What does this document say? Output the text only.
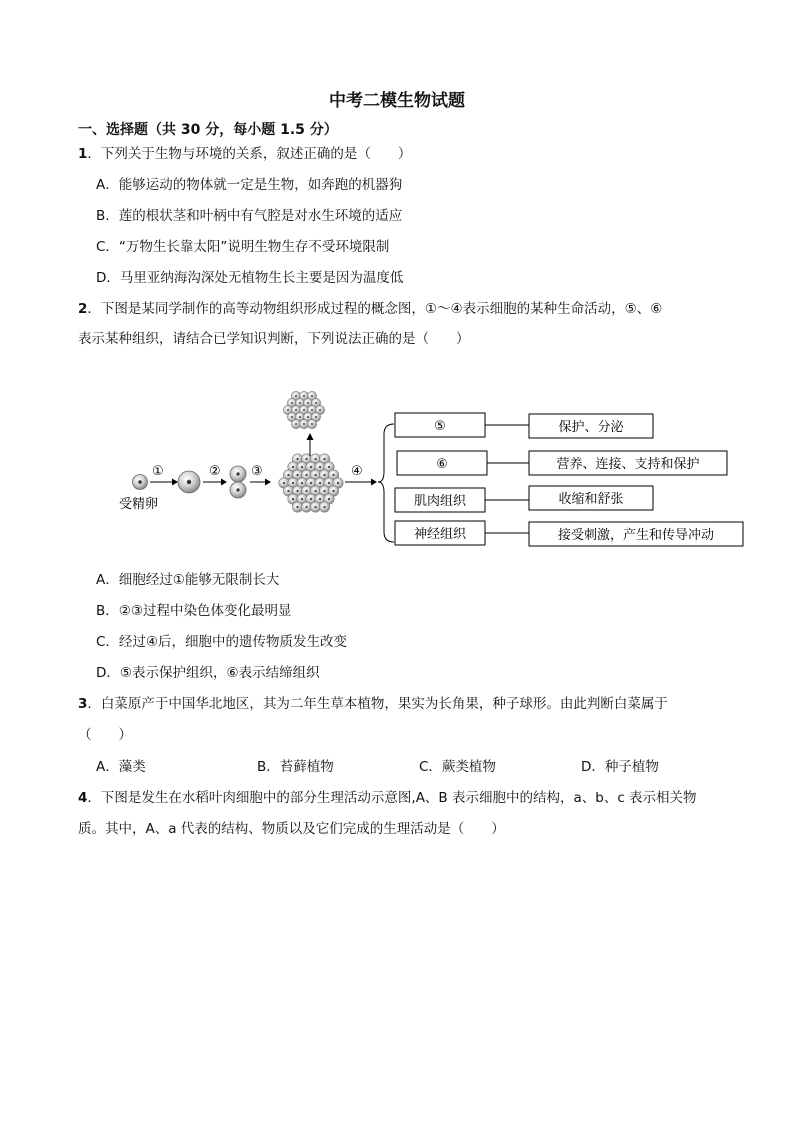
中考二模生物试题
一、选择题（共 30 分，每小题 1.5 分）
1．下列关于生物与环境的关系，叙述正确的是（　　）
A．能够运动的物体就一定是生物，如奔跑的机器狗
B．莲的根状茎和叶柄中有气腔是对水生环境的适应
C．“万物生长靠太阳”说明生物生存不受环境限制
D．马里亚纳海沟深处无植物生长主要是因为温度低
2．下图是某同学制作的高等动物组织形成过程的概念图，①～④表示细胞的某种生命活动，⑤、⑥
表示某种组织，请结合已学知识判断，下列说法正确的是（　　）
受精卵
①	② ③	④
⑤
⑥
肌肉组织
神经组织
保护、分泌
营养、连接、支持和保护
收缩和舒张
接受刺激，产生和传导冲动
A．细胞经过①能够无限制长大
B．②③过程中染色体变化最明显
C．经过④后，细胞中的遗传物质发生改变
D．⑤表示保护组织，⑥表示结缔组织
3．白菜原产于中国华北地区，其为二年生草本植物，果实为长角果，种子球形。由此判断白菜属于
（　　）
A．藻类	B．苔藓植物	C．蕨类植物	D．种子植物
4．下图是发生在水稻叶肉细胞中的部分生理活动示意图,A、B 表示细胞中的结构，a、b、c 表示相关物
质。其中，A、a 代表的结构、物质以及它们完成的生理活动是（　　）
